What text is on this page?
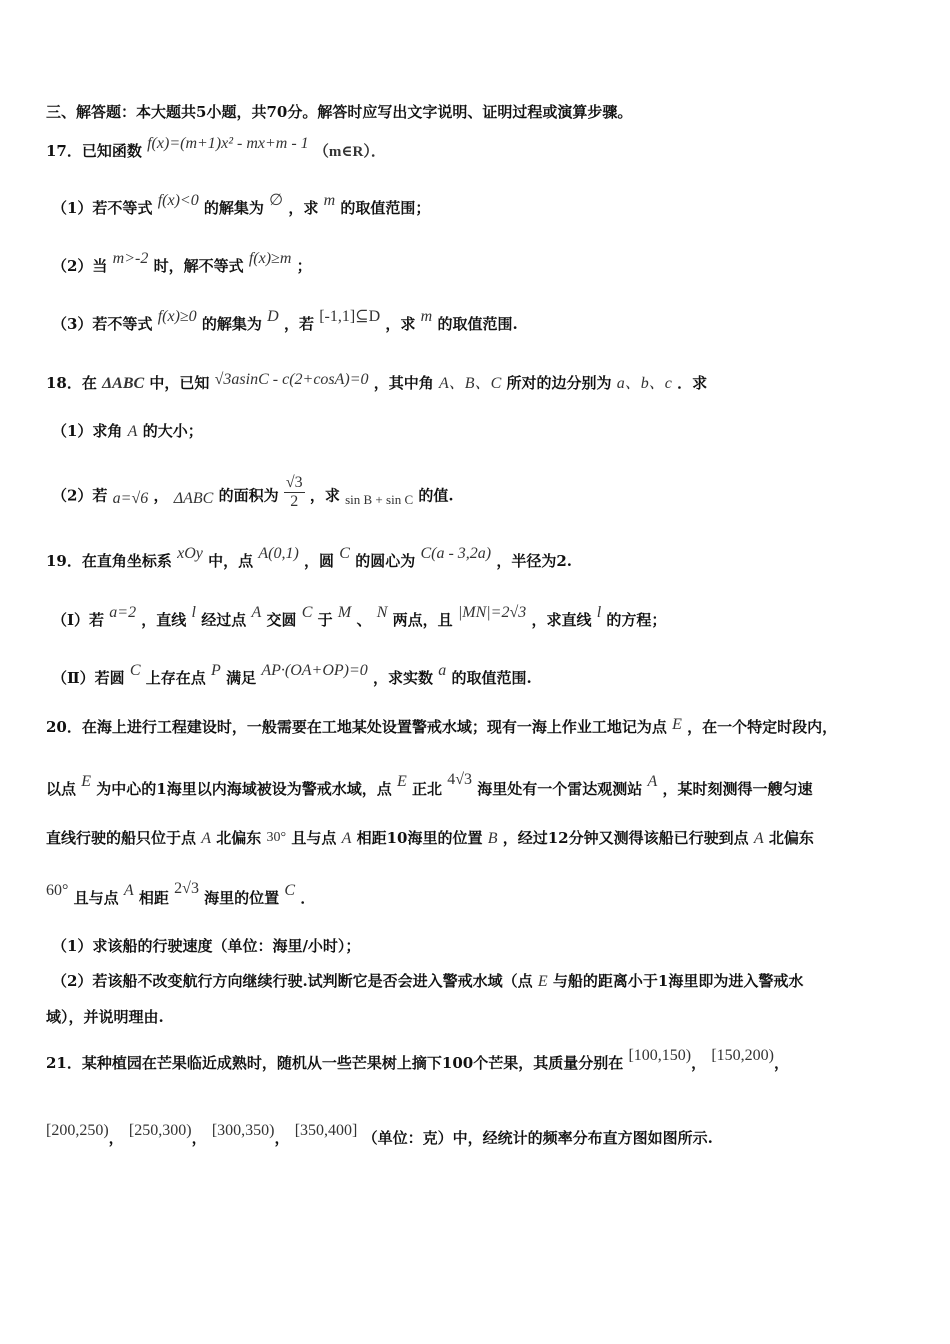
三、解答题：本大题共5小题，共70分。解答时应写出文字说明、证明过程或演算步骤。
17．已知函数 f(x)=(m+1)x² - mx+m - 1 （m∈R）．
（1）若不等式 f(x)<0 的解集为 ∅ ，求 m 的取值范围；
（2）当 m>-2 时，解不等式 f(x)≥m ；
（3）若不等式 f(x)≥0 的解集为 D ，若 [-1,1]⊆D ，求 m 的取值范围.
18．在 ΔABC 中，已知 √3asinC - c(2+cosA)=0 ，其中角 A、B、C 所对的边分别为 a、b、c ．求
（1）求角 A 的大小；
（2）若 a=√6 ， ΔABC 的面积为 $\frac{√3}{2}$ ，求 sin B + sin C 的值.
19．在直角坐标系 xOy 中，点 A(0,1) ，圆 C 的圆心为 C(a - 3,2a) ，半径为2.
（Ⅰ）若 a=2 ，直线 l 经过点 A 交圆 C 于 M 、 N 两点，且 |MN|=2√3 ，求直线 l 的方程；
（Ⅱ）若圆 C 上存在点 P 满足 AP·(OA+OP)=0 ，求实数 a 的取值范围.
20．在海上进行工程建设时，一般需要在工地某处设置警戒水域；现有一海上作业工地记为点 E ，在一个特定时段内，
以点 E 为中心的1海里以内海域被设为警戒水域，点 E 正北 4√3 海里处有一个雷达观测站 A ，某时刻测得一艘匀速
直线行驶的船只位于点 A 北偏东 30° 且与点 A 相距10海里的位置 B ，经过12分钟又测得该船已行驶到点 A 北偏东
60° 且与点 A 相距 2√3 海里的位置 C ．
（1）求该船的行驶速度（单位：海里/小时）；
（2）若该船不改变航行方向继续行驶.试判断它是否会进入警戒水域（点 E 与船的距离小于1海里即为进入警戒水
域），并说明理由.
21．某种植园在芒果临近成熟时，随机从一些芒果树上摘下100个芒果，其质量分别在 [100,150)， [150,200)，
[200,250)， [250,300)， [300,350)， [350,400] （单位：克）中，经统计的频率分布直方图如图所示.
